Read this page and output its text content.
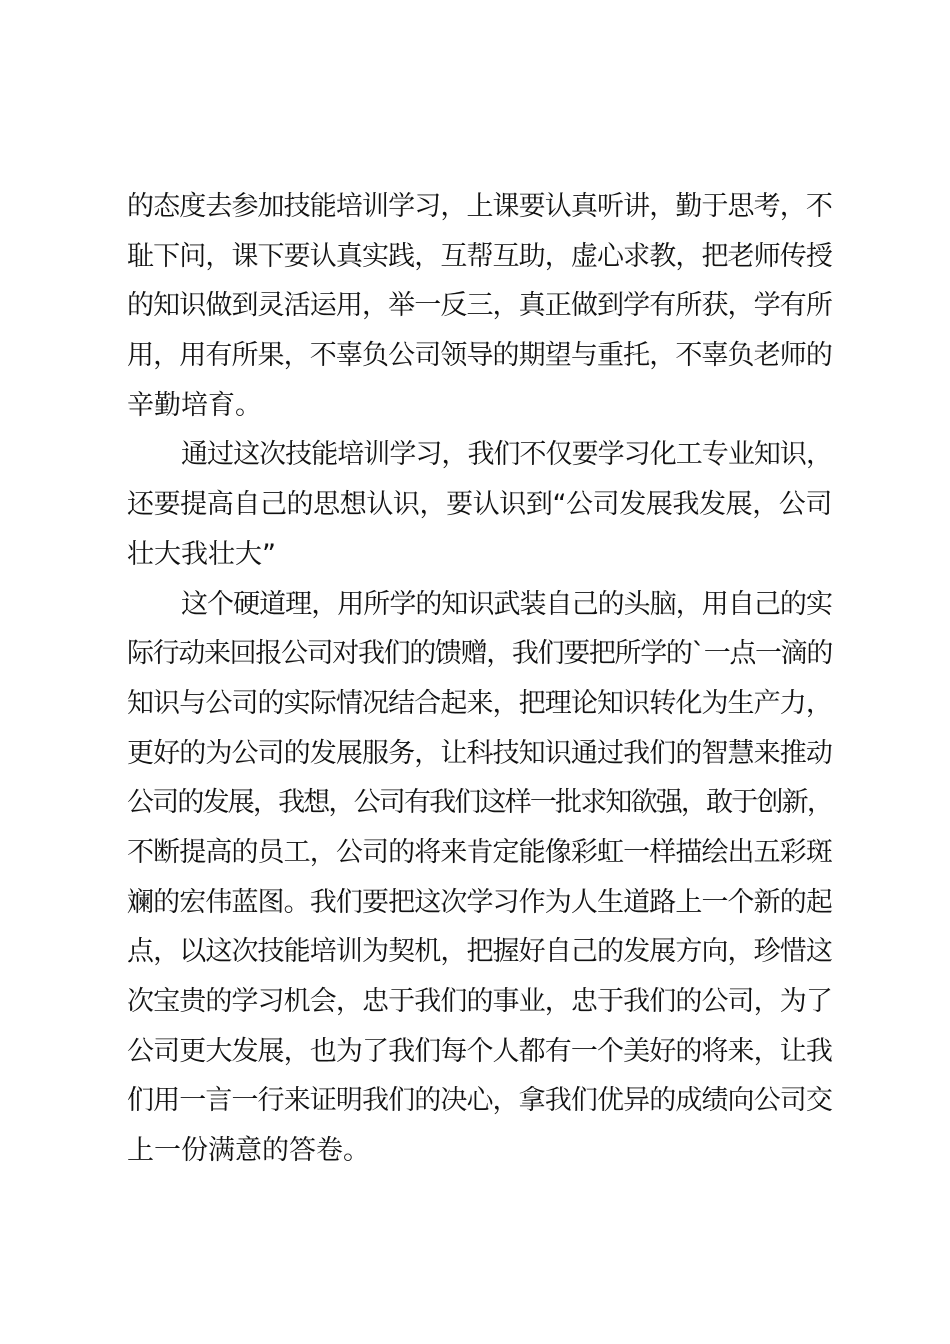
的态度去参加技能培训学习，上课要认真听讲，勤于思考，不
耻下问，课下要认真实践，互帮互助，虚心求教，把老师传授
的知识做到灵活运用，举一反三，真正做到学有所获，学有所
用，用有所果，不辜负公司领导的期望与重托，不辜负老师的
辛勤培育。
通过这次技能培训学习，我们不仅要学习化工专业知识，
还要提高自己的思想认识，要认识到“公司发展我发展，公司
壮大我壮大”
这个硬道理，用所学的知识武装自己的头脑，用自己的实
际行动来回报公司对我们的馈赠，我们要把所学的`一点一滴的
知识与公司的实际情况结合起来，把理论知识转化为生产力，
更好的为公司的发展服务，让科技知识通过我们的智慧来推动
公司的发展，我想，公司有我们这样一批求知欲强，敢于创新，
不断提高的员工，公司的将来肯定能像彩虹一样描绘出五彩斑
斓的宏伟蓝图。我们要把这次学习作为人生道路上一个新的起
点，以这次技能培训为契机，把握好自己的发展方向，珍惜这
次宝贵的学习机会，忠于我们的事业，忠于我们的公司，为了
公司更大发展，也为了我们每个人都有一个美好的将来，让我
们用一言一行来证明我们的决心，拿我们优异的成绩向公司交
上一份满意的答卷。
